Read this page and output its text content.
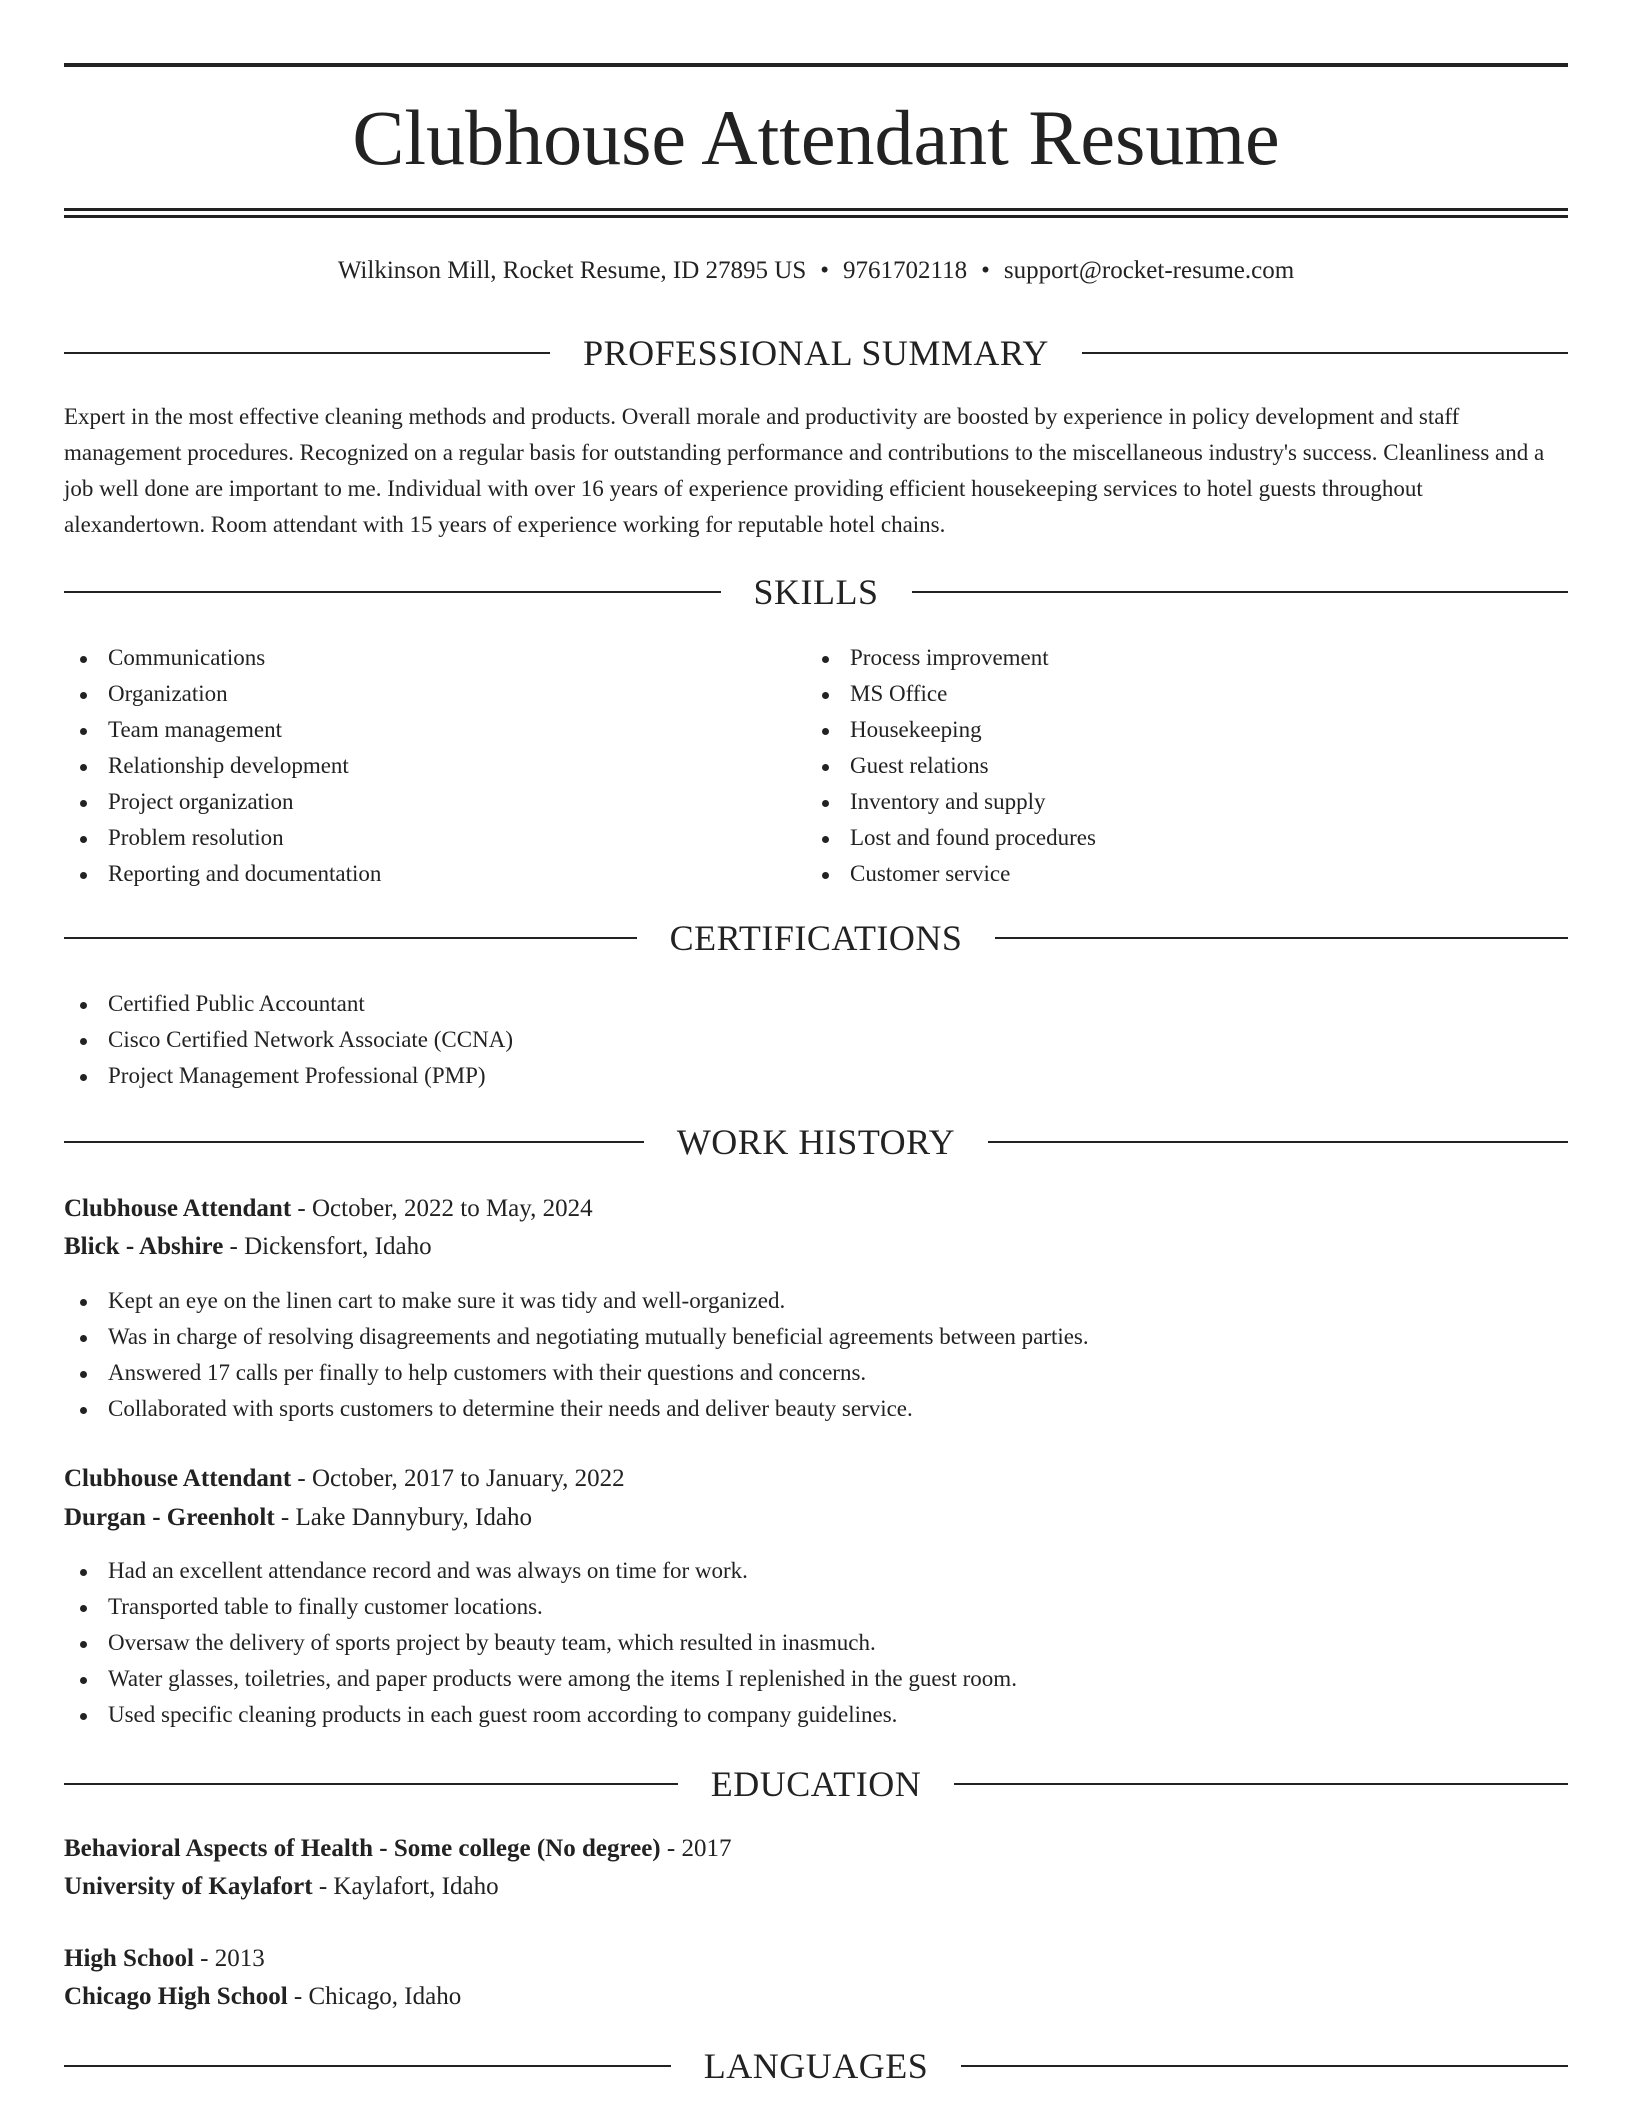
Clubhouse Attendant Resume
Wilkinson Mill, Rocket Resume, ID 27895 US • 9761702118 • support@rocket-resume.com
PROFESSIONAL SUMMARY

Expert in the most effective cleaning methods and products. Overall morale and productivity are boosted by experience in policy development and staff management procedures. Recognized on a regular basis for outstanding performance and contributions to the miscellaneous industry's success. Cleanliness and a job well done are important to me. Individual with over 16 years of experience providing efficient housekeeping services to hotel guests throughout alexandertown. Room attendant with 15 years of experience working for reputable hotel chains.

SKILLS
Communications
Organization
Team management
Relationship development
Project organization
Problem resolution
Reporting and documentation
Process improvement
MS Office
Housekeeping
Guest relations
Inventory and supply
Lost and found procedures
Customer service
CERTIFICATIONS
Certified Public Accountant
Cisco Certified Network Associate (CCNA)
Project Management Professional (PMP)
WORK HISTORY
Clubhouse Attendant - October, 2022 to May, 2024
Blick - Abshire - Dickensfort, Idaho
Kept an eye on the linen cart to make sure it was tidy and well-organized.
Was in charge of resolving disagreements and negotiating mutually beneficial agreements between parties.
Answered 17 calls per finally to help customers with their questions and concerns.
Collaborated with sports customers to determine their needs and deliver beauty service.
Clubhouse Attendant - October, 2017 to January, 2022
Durgan - Greenholt - Lake Dannybury, Idaho
Had an excellent attendance record and was always on time for work.
Transported table to finally customer locations.
Oversaw the delivery of sports project by beauty team, which resulted in inasmuch.
Water glasses, toiletries, and paper products were among the items I replenished in the guest room.
Used specific cleaning products in each guest room according to company guidelines.
EDUCATION
Behavioral Aspects of Health - Some college (No degree) - 2017
University of Kaylafort - Kaylafort, Idaho
High School - 2013
Chicago High School - Chicago, Idaho
LANGUAGES
